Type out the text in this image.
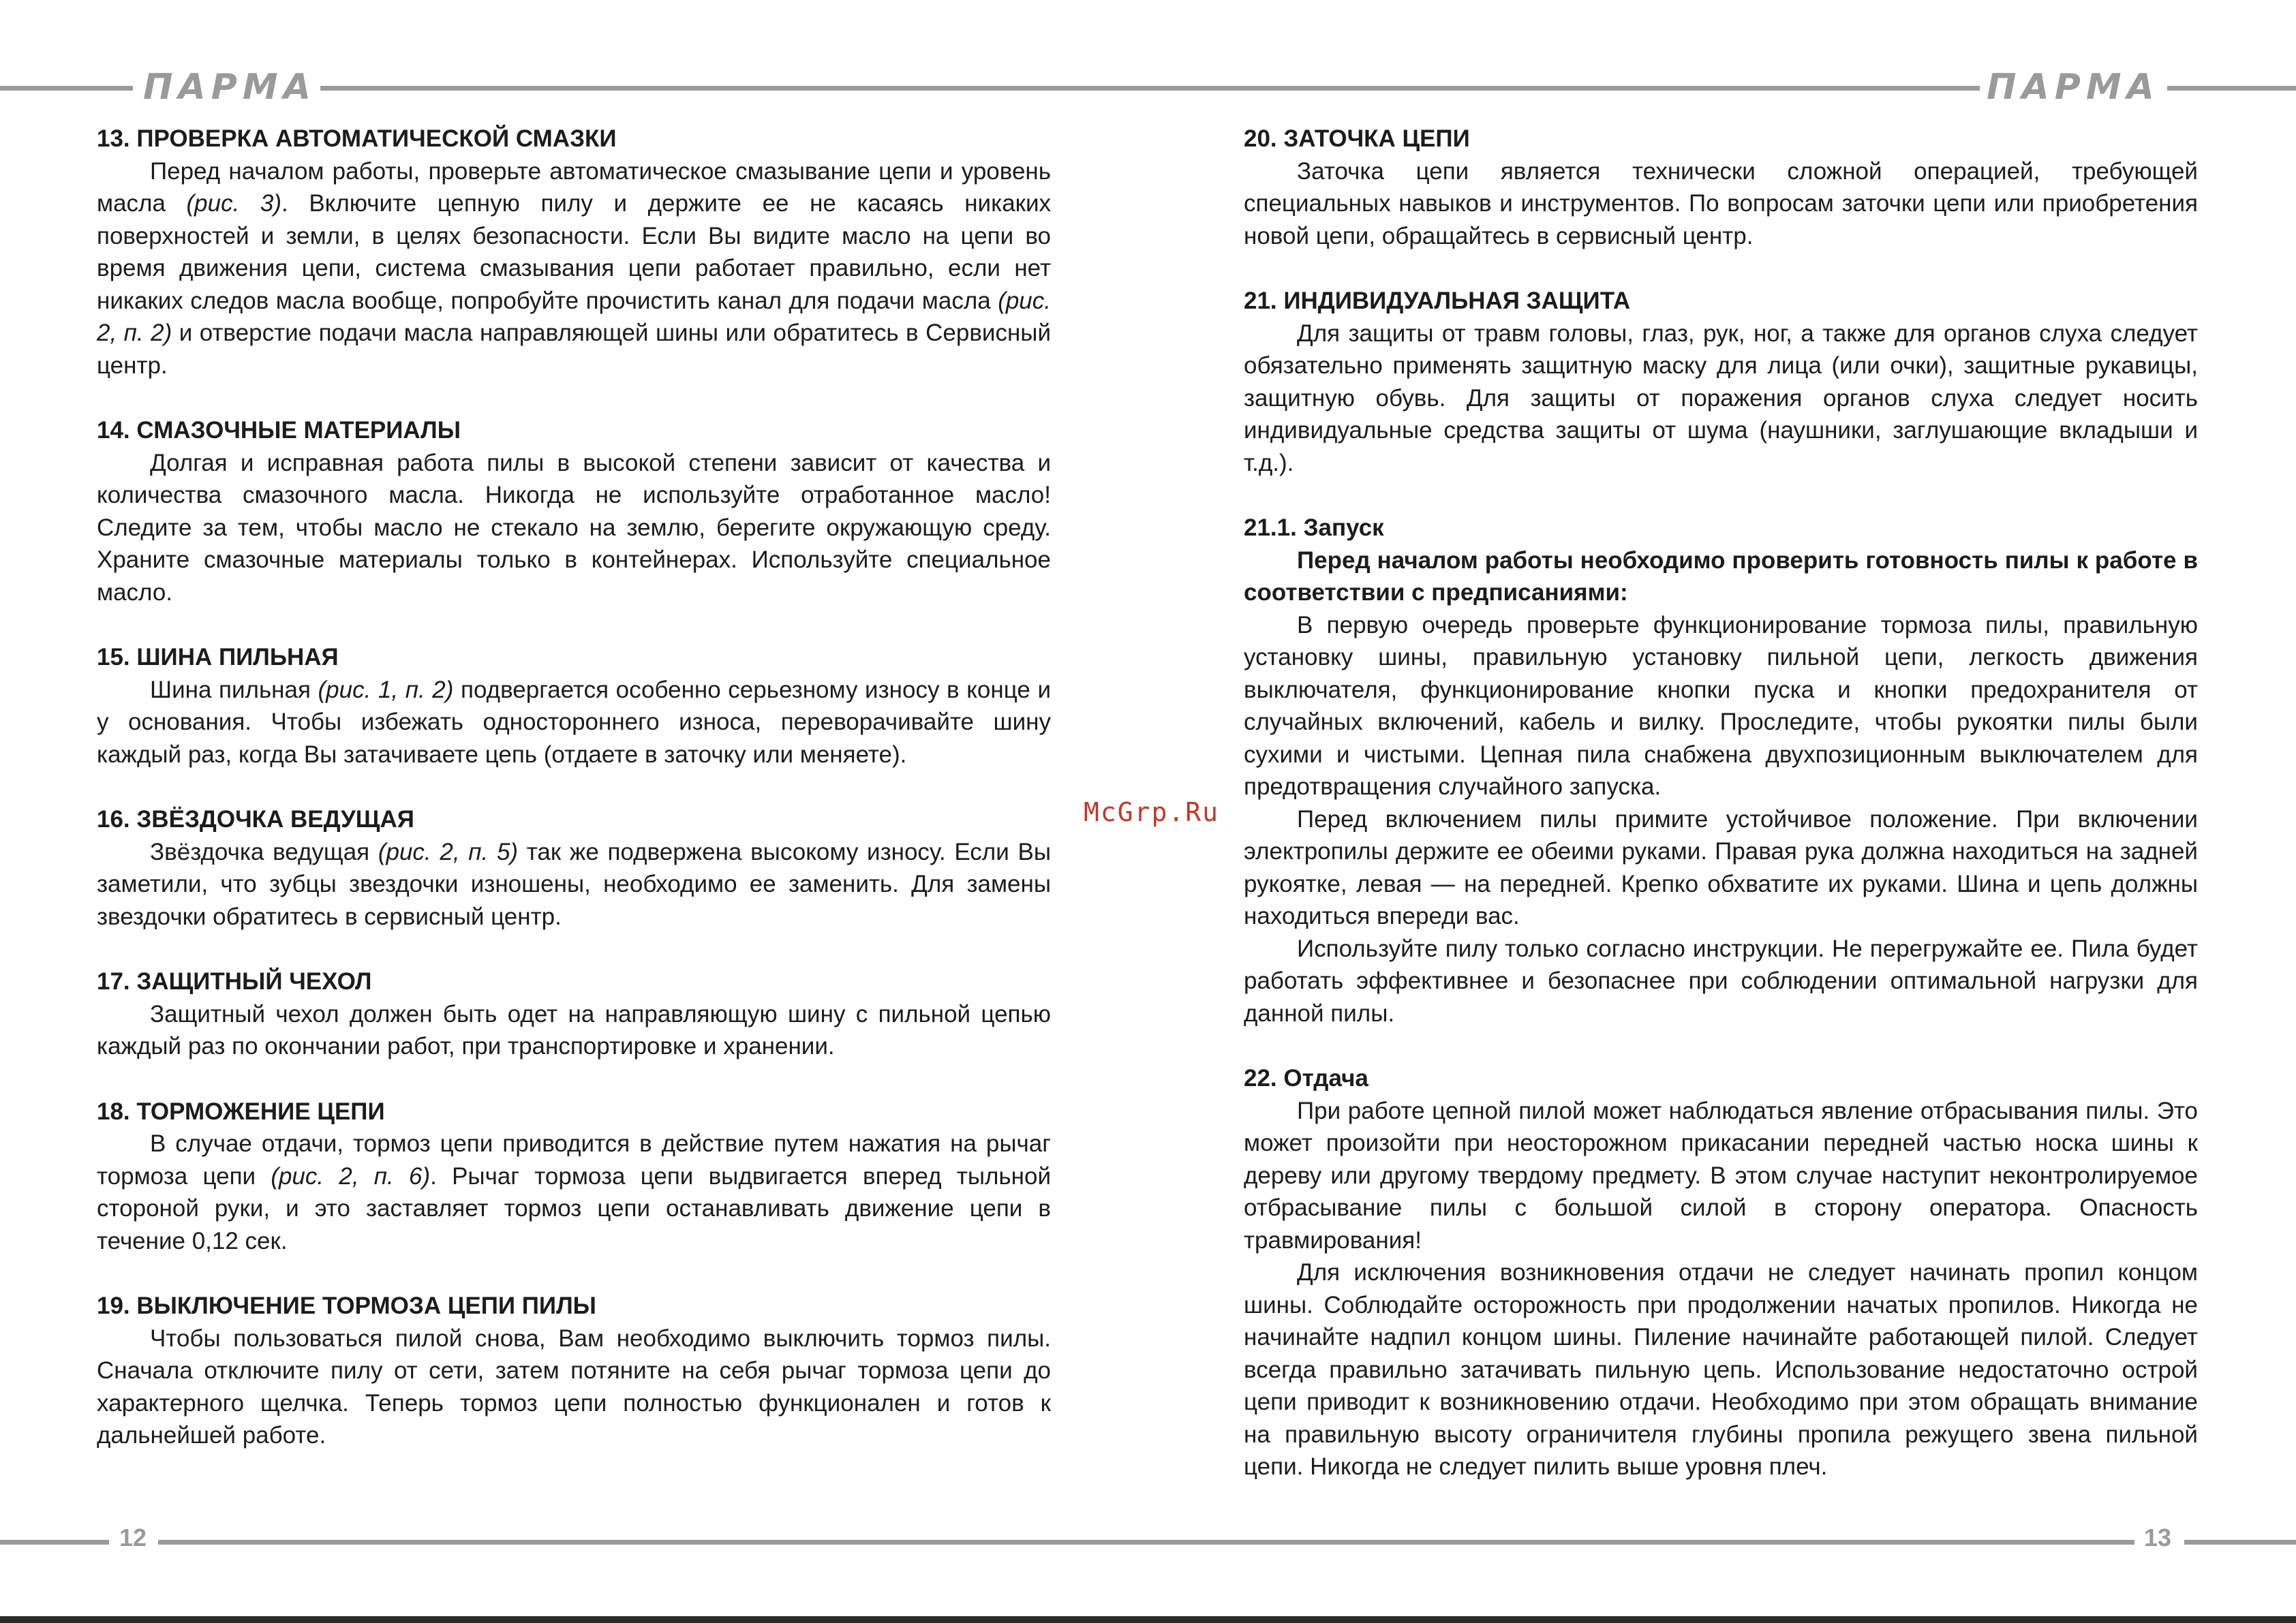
ПАРМА	ПАРМА
13. ПРОВЕРКА АВТОМАТИЧЕСКОЙ СМАЗКИ

Перед началом работы, проверьте автоматическое смазывание цепи и уровень масла (рис. 3). Включите цепную пилу и держите ее не касаясь никаких поверхностей и земли, в целях безопасности. Если Вы видите масло на цепи во время движения цепи, система смазывания цепи работает правильно, если нет никаких следов масла вообще, попробуйте прочистить канал для подачи масла (рис. 2, п. 2) и отверстие подачи масла направляющей шины или обратитесь в Сервисный центр.

14. СМАЗОЧНЫЕ МАТЕРИАЛЫ

Долгая и исправная работа пилы в высокой степени зависит от качества и количества смазочного масла. Никогда не используйте отработанное масло! Следите за тем, чтобы масло не стекало на землю, берегите окружающую среду. Храните смазочные материалы только в контейнерах. Используйте специальное масло.

15. ШИНА ПИЛЬНАЯ

Шина пильная (рис. 1, п. 2) подвергается особенно серьезному износу в конце и у основания. Чтобы избежать одностороннего износа, переворачивайте шину каждый раз, когда Вы затачиваете цепь (отдаете в заточку или меняете).

16. ЗВЁЗДОЧКА ВЕДУЩАЯ

Звёздочка ведущая (рис. 2, п. 5) так же подвержена высокому износу. Если Вы заметили, что зубцы звездочки изношены, необходимо ее заменить. Для замены звездочки обратитесь в сервисный центр.

17. ЗАЩИТНЫЙ ЧЕХОЛ

Защитный чехол должен быть одет на направляющую шину с пильной цепью каждый раз по окончании работ, при транспортировке и хранении.

18. ТОРМОЖЕНИЕ ЦЕПИ

В случае отдачи, тормоз цепи приводится в действие путем нажатия на рычаг тормоза цепи (рис. 2, п. 6). Рычаг тормоза цепи выдвигается вперед тыльной стороной руки, и это заставляет тормоз цепи останавливать движение цепи в течение 0,12 сек.

19. ВЫКЛЮЧЕНИЕ ТОРМОЗА ЦЕПИ ПИЛЫ

Чтобы пользоваться пилой снова, Вам необходимо выключить тормоз пилы. Сначала отключите пилу от сети, затем потяните на себя рычаг тормоза цепи до характерного щелчка. Теперь тормоз цепи полностью функционален и готов к дальнейшей работе.

20. ЗАТОЧКА ЦЕПИ

Заточка цепи является технически сложной операцией, требующей специальных навыков и инструментов. По вопросам заточки цепи или приобретения новой цепи, обращайтесь в сервисный центр.

21. ИНДИВИДУАЛЬНАЯ ЗАЩИТА

Для защиты от травм головы, глаз, рук, ног, а также для органов слуха следует обязательно применять защитную маску для лица (или очки), защитные рукавицы, защитную обувь. Для защиты от поражения органов слуха следует носить индивидуальные средства защиты от шума (наушники, заглушающие вкладыши и т.д.).

21.1. Запуск

Перед началом работы необходимо проверить готовность пилы к работе в соответствии с предписаниями:

В первую очередь проверьте функционирование тормоза пилы, правильную установку шины, правильную установку пильной цепи, легкость движения выключателя, функционирование кнопки пуска и кнопки предохранителя от случайных включений, кабель и вилку. Проследите, чтобы рукоятки пилы были сухими и чистыми. Цепная пила снабжена двухпозиционным выключателем для предотвращения случайного запуска.

Перед включением пилы примите устойчивое положение. При включении электропилы держите ее обеими руками. Правая рука должна находиться на задней рукоятке, левая — на передней. Крепко обхватите их руками. Шина и цепь должны находиться впереди вас.

Используйте пилу только согласно инструкции. Не перегружайте ее. Пила будет работать эффективнее и безопаснее при соблюдении оптимальной нагрузки для данной пилы.

22. Отдача

При работе цепной пилой может наблюдаться явление отбрасывания пилы. Это может произойти при неосторожном прикасании передней частью носка шины к дереву или другому твердому предмету. В этом случае наступит неконтролируемое отбрасывание пилы с большой силой в сторону оператора. Опасность травмирования!

Для исключения возникновения отдачи не следует начинать пропил концом шины. Соблюдайте осторожность при продолжении начатых пропилов. Никогда не начинайте надпил концом шины. Пиление начинайте работающей пилой. Следует всегда правильно затачивать пильную цепь. Использование недостаточно острой цепи приводит к возникновению отдачи. Необходимо при этом обращать внимание на правильную высоту ограничителя глубины пропила режущего звена пильной цепи. Никогда не следует пилить выше уровня плеч.

McGrp.Ru
12	13
